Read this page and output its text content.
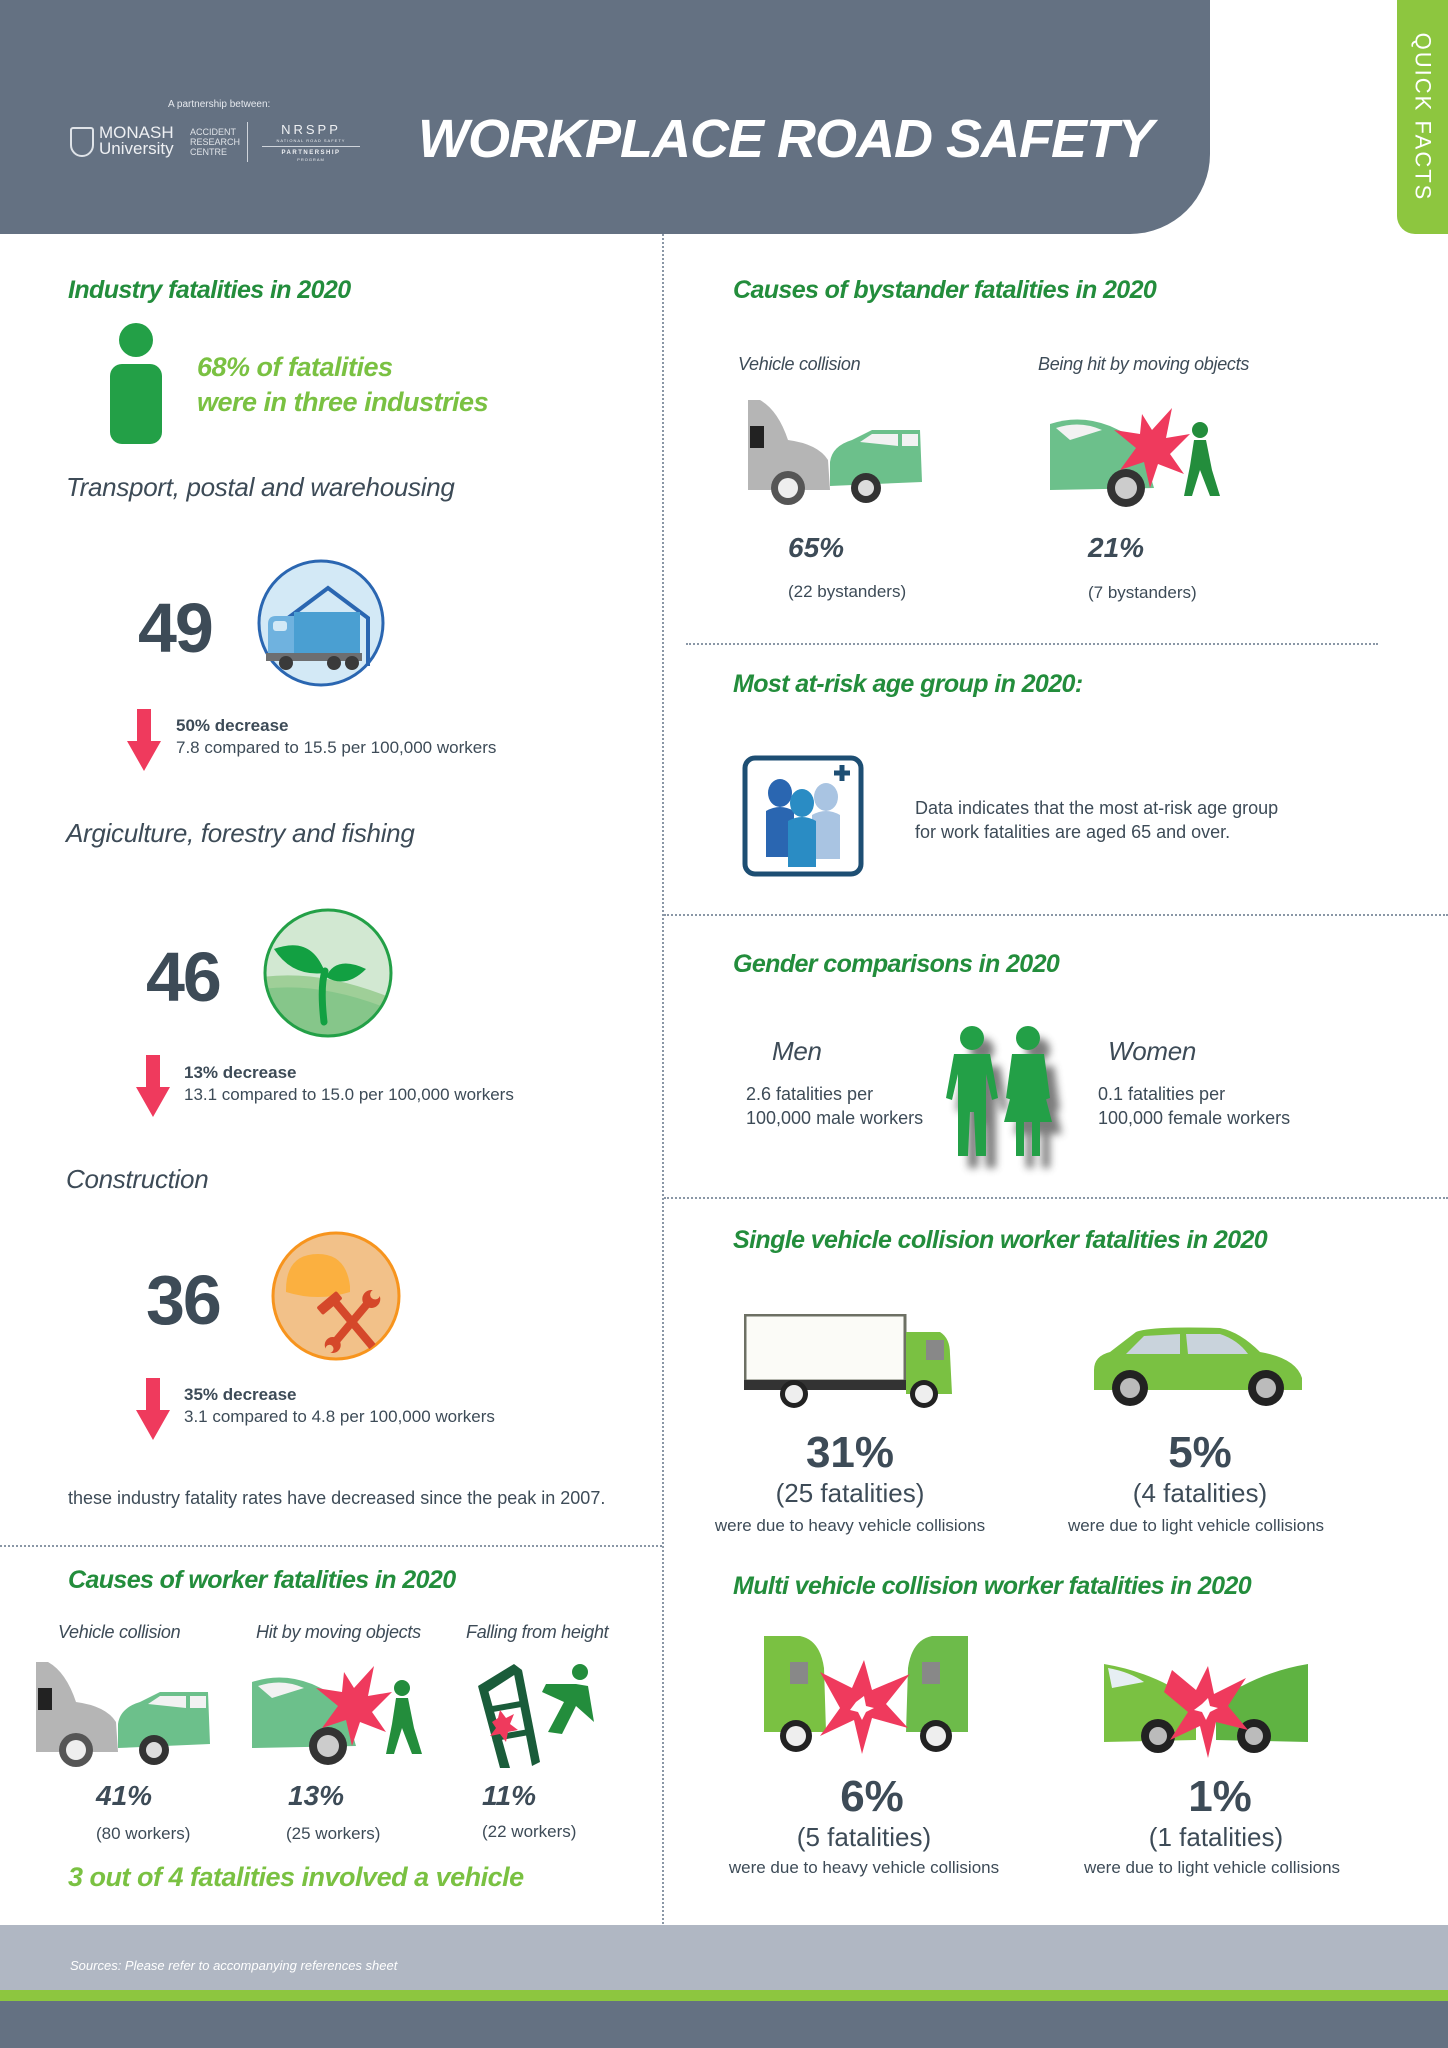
A partnership between:
MONASH
University
ACCIDENT
RESEARCH
CENTRE
NRSPP
NATIONAL ROAD SAFETY
PARTNERSHIP
PROGRAM	WORKPLACE ROAD SAFETY	QUICK FACTS
Industry fatalities in 2020
68% of fatalities
were in three industries
Transport, postal and warehousing
49
50% decrease
7.8 compared to 15.5 per 100,000 workers
Argiculture, forestry and fishing
46
13% decrease
13.1 compared to 15.0 per 100,000 workers
Construction
36
35% decrease
3.1 compared to 4.8 per 100,000 workers
these industry fatality rates have decreased since the peak in 2007.
Causes of worker fatalities in 2020
Vehicle collision	Hit by moving objects	Falling from height
41%	13%	11%
(80 workers)	(25 workers)	(22 workers)
3 out of 4 fatalities involved a vehicle
Causes of bystander fatalities in 2020
Vehicle collision	Being hit by moving objects
65%	21%
(22 bystanders)	(7 bystanders)
Most at-risk age group in 2020:
Data indicates that the most at-risk age group
for work fatalities are aged 65 and over.
Gender comparisons in 2020
Men
2.6 fatalities per
100,000 male workers
Women
0.1 fatalities per
100,000 female workers
Single vehicle collision worker fatalities in 2020
31%	5%
(25 fatalities)	(4 fatalities)
were due to heavy vehicle collisions	were due to light vehicle collisions
Multi vehicle collision worker fatalities in 2020
6%	1%
(5 fatalities)	(1 fatalities)
were due to heavy vehicle collisions	were due to light vehicle collisions
Sources: Please refer to accompanying references sheet
